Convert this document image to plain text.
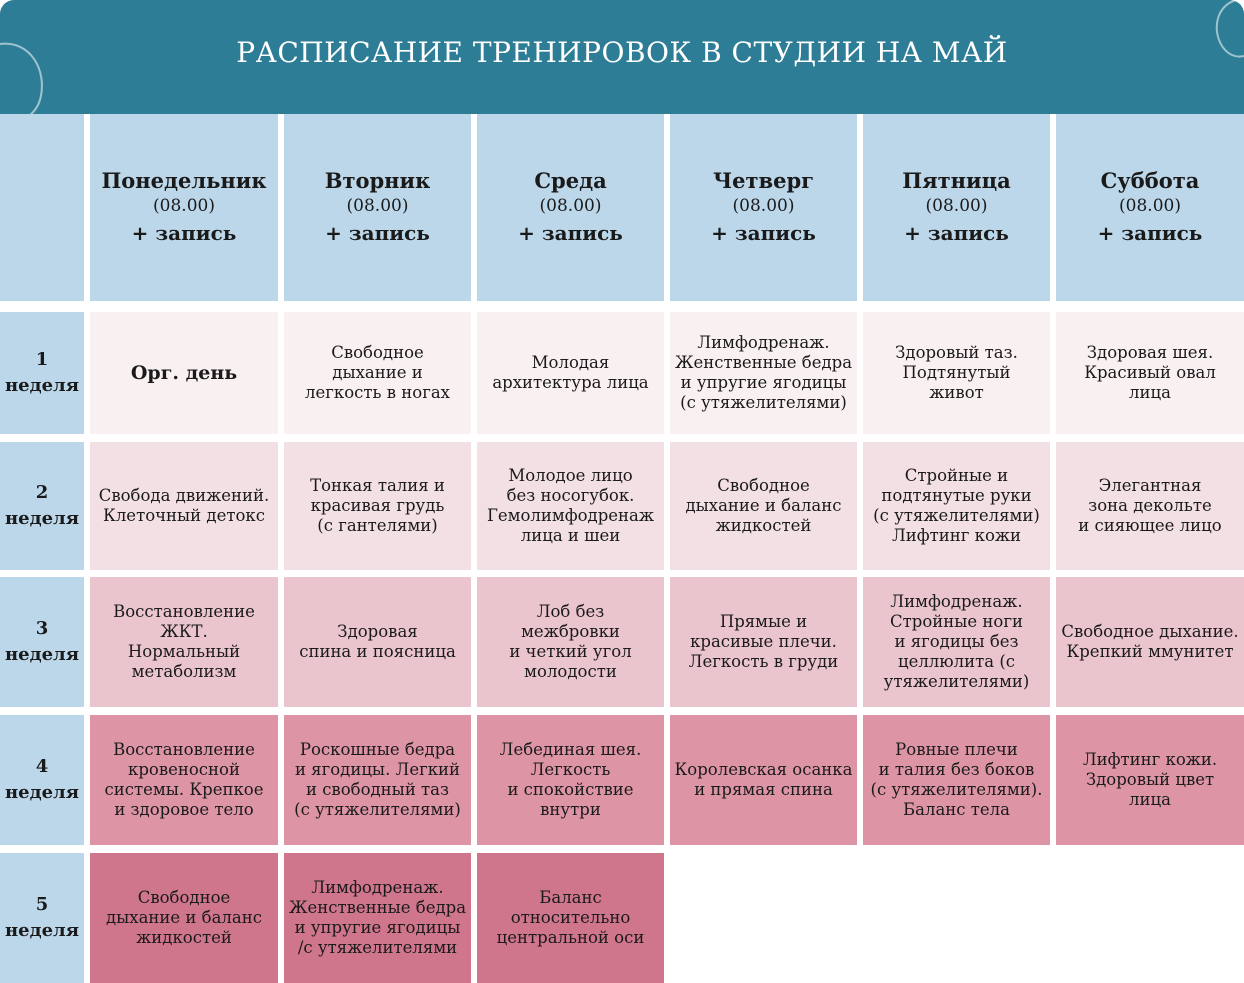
РАСПИСАНИЕ ТРЕНИРОВОК В СТУДИИ НА МАЙ
Понедельник
(08.00)
+ запись
Вторник
(08.00)
+ запись
Среда
(08.00)
+ запись
Четверг
(08.00)
+ запись
Пятница
(08.00)
+ запись
Суббота
(08.00)
+ запись
1
неделя
Орг. день
Свободное
дыхание и
легкость в ногах
Молодая
архитектура лица
Лимфодренаж.
Женственные бедра
и упругие ягодицы
(с утяжелителями)
Здоровый таз.
Подтянутый
живот
Здоровая шея.
Красивый овал
лица
2
неделя
Свобода движений.
Клеточный детокс
Тонкая талия и
красивая грудь
(с гантелями)
Молодое лицо
без носогубок.
Гемолимфодренаж
лица и шеи
Свободное
дыхание и баланс
жидкостей
Стройные и
подтянутые руки
(с утяжелителями)
Лифтинг кожи
Элегантная
зона декольте
и сияющее лицо
3
неделя
Восстановление ЖКТ.
Нормальный
метаболизм
Здоровая
спина и поясница
Лоб без
межбровки
и четкий угол
молодости
Прямые и
красивые плечи.
Легкость в груди
Лимфодренаж.
Стройные ноги
и ягодицы без
целлюлита (с
утяжелителями)
Свободное дыхание.
Крепкий ммунитет
4
неделя
Восстановление
кровеносной
системы. Крепкое
и здоровое тело
Роскошные бедра
и ягодицы. Легкий
и свободный таз
(с утяжелителями)
Лебединая шея.
Легкость
и спокойствие
внутри
Королевская осанка
и прямая спина
Ровные плечи
и талия без боков
(с утяжелителями).
Баланс тела
Лифтинг кожи.
Здоровый цвет
лица
5
неделя
Свободное
дыхание и баланс
жидкостей
Лимфодренаж.
Женственные бедра
и упругие ягодицы
/с утяжелителями
Баланс
относительно
центральной оси
